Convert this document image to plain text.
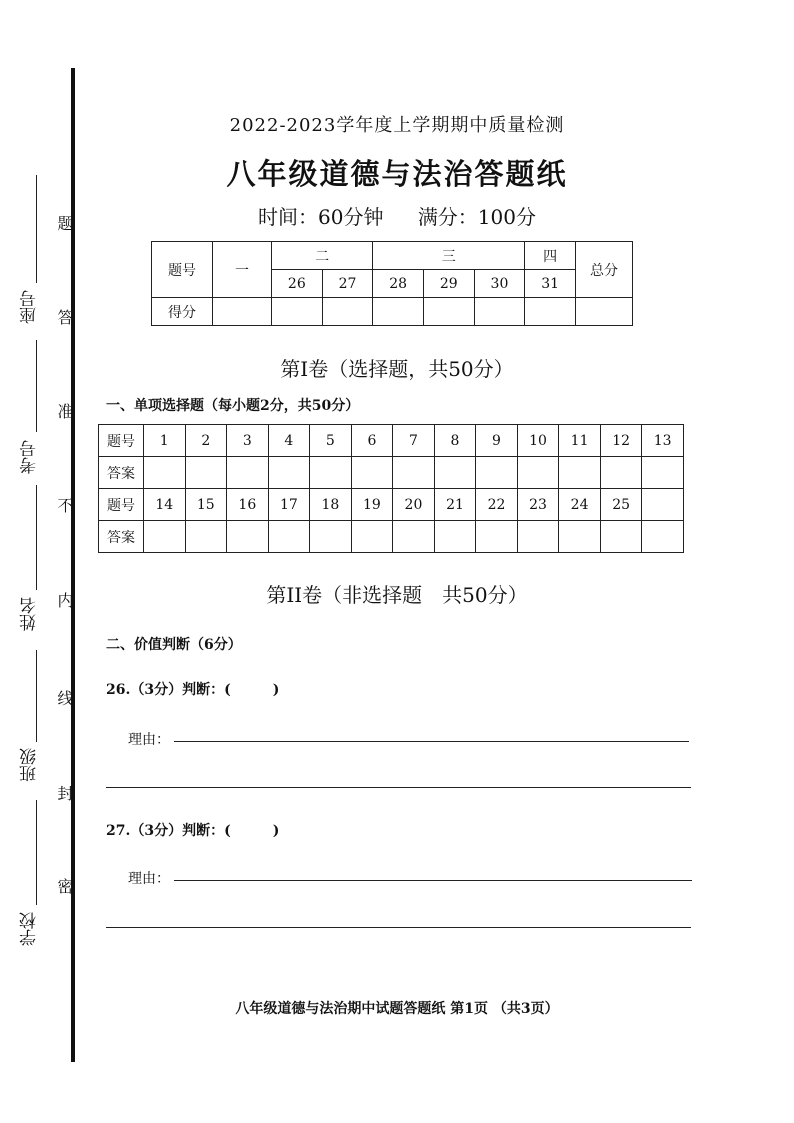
学校
班级
姓名
考号
座号
密
封
线
内
不
准
答
题
2022-2023学年度上学期期中质量检测
八年级道德与法治答题纸
时间：60分钟 满分：100分
题号	一	二		三			四	总分
		26	27	28	29	30	31	
得分								
第I卷（选择题，共50分）
一、单项选择题（每小题2分，共50分）
题号	1	2	3	4	5	6	7	8	9	10	11	12	13
答案													
题号	14	15	16	17	18	19	20	21	22	23	24	25	
答案													
第II卷（非选择题　共50分）
二、价值判断（6分）
26.（3分）判断：(　　　)
理由：
27.（3分）判断：(　　　)
理由：
八年级道德与法治期中试题答题纸 第1页 （共3页）
